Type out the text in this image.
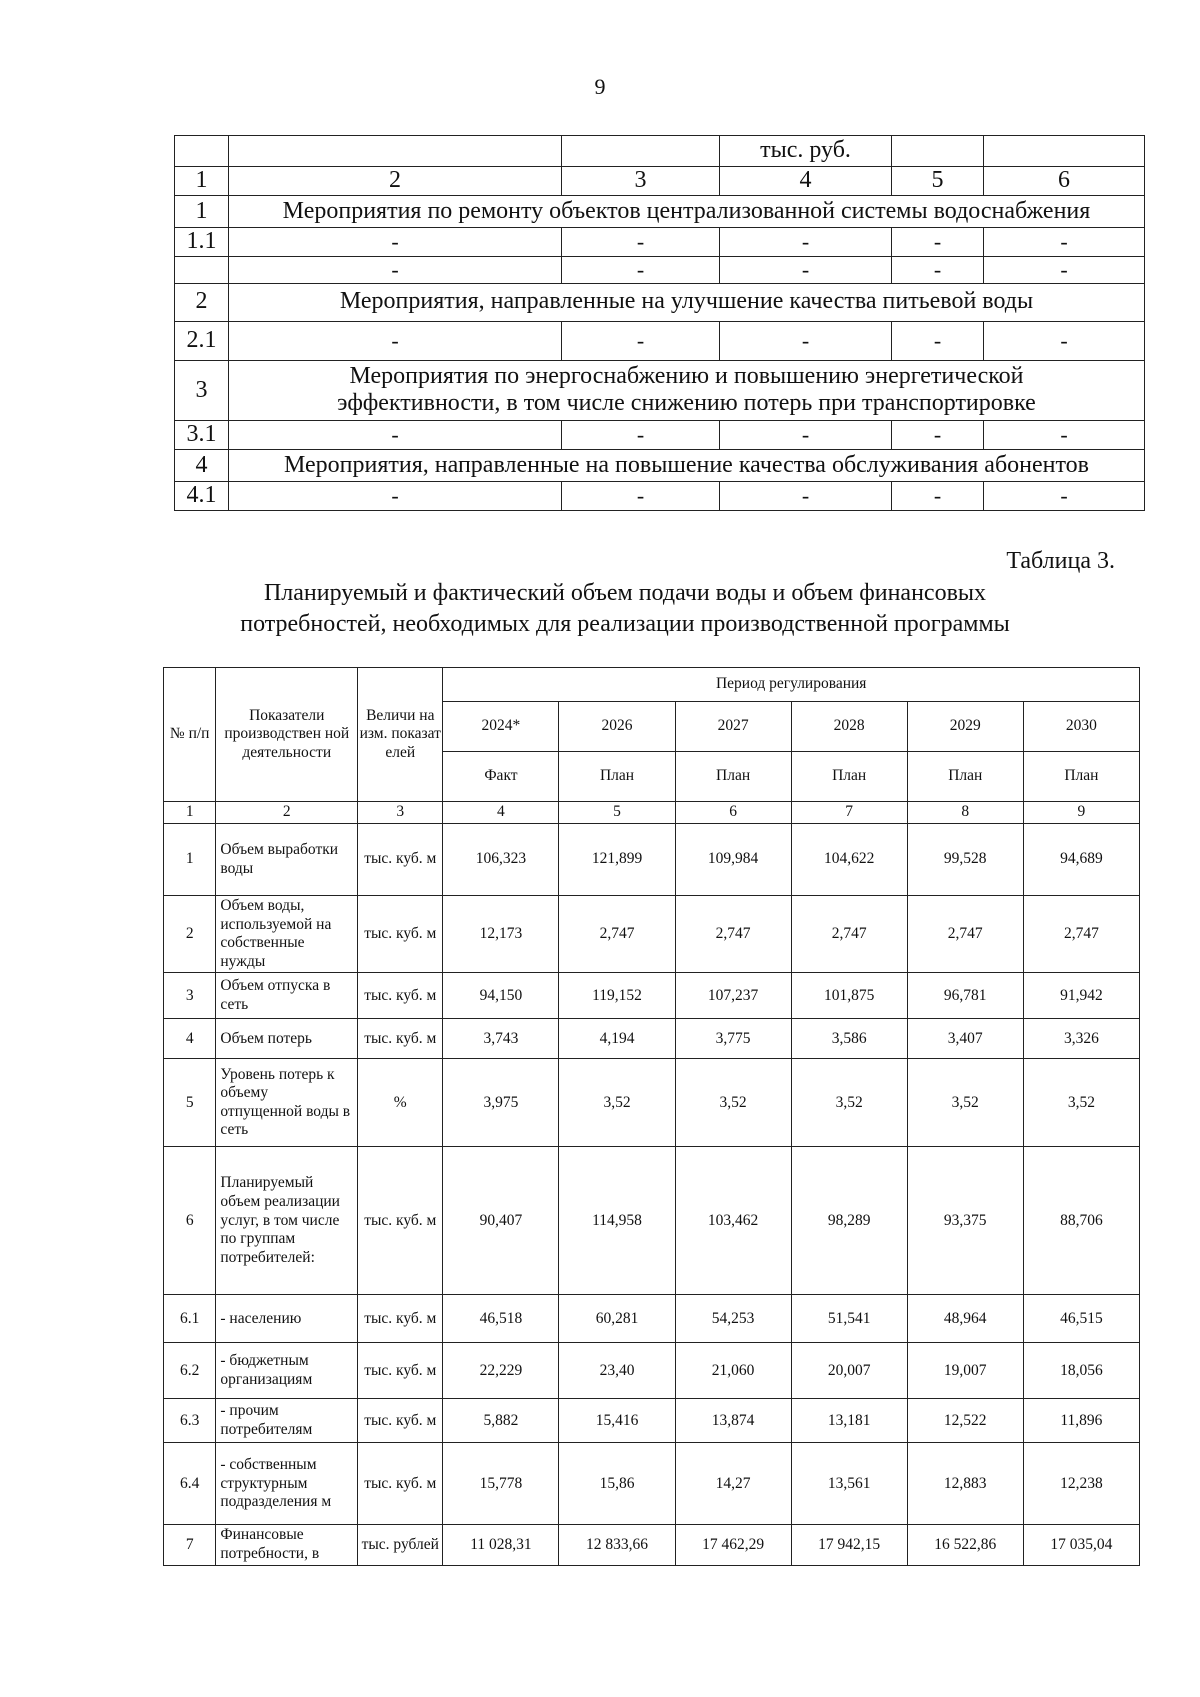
9
			тыс. руб.		
1	2	3	4	5	6
1	Мероприятия по ремонту объектов централизованной системы водоснабжения				
1.1	-	-	-	-	-
	-	-	-	-	-
2	Мероприятия, направленные на улучшение качества питьевой воды				
2.1	-	-	-	-	-
3	Мероприятия по энергоснабжению и повышению энергетической
эффективности, в том числе снижению потерь при транспортировке				

3.1	-	-	-	-	-
4	Мероприятия, направленные на повышение качества обслуживания абонентов				
4.1	-	-	-	-	-
Таблица 3.
Планируемый и фактический объем подачи воды и объем финансовых
потребностей, необходимых для реализации производственной программы
№ п/п	Показатели производствен ной деятельности	Величи на изм. показат елей	Период регулирования					
			2024*	2026	2027	2028	2029	2030
			Факт	План	План	План	План	План
1	2	3	4	5	6	7	8	9
1	Объем выработки воды	тыс. куб. м	106,323	121,899	109,984	104,622	99,528	94,689
2	Объем воды, используемой на собственные нужды	тыс. куб. м	12,173	2,747	2,747	2,747	2,747	2,747
3	Объем отпуска в сеть	тыс. куб. м	94,150	119,152	107,237	101,875	96,781	91,942
4	Объем потерь	тыс. куб. м	3,743	4,194	3,775	3,586	3,407	3,326
5	Уровень потерь к объему отпущенной воды в сеть	%	3,975	3,52	3,52	3,52	3,52	3,52
6	Планируемый объем реализации услуг, в том числе по группам потребителей:	тыс. куб. м	90,407	114,958	103,462	98,289	93,375	88,706
6.1	- населению	тыс. куб. м	46,518	60,281	54,253	51,541	48,964	46,515
6.2	- бюджетным организациям	тыс. куб. м	22,229	23,40	21,060	20,007	19,007	18,056
6.3	- прочим потребителям	тыс. куб. м	5,882	15,416	13,874	13,181	12,522	11,896
6.4	- собственным структурным подразделения м	тыс. куб. м	15,778	15,86	14,27	13,561	12,883	12,238
7	Финансовые потребности, в	тыс. рублей	11 028,31	12 833,66	17 462,29	17 942,15	16 522,86	17 035,04
